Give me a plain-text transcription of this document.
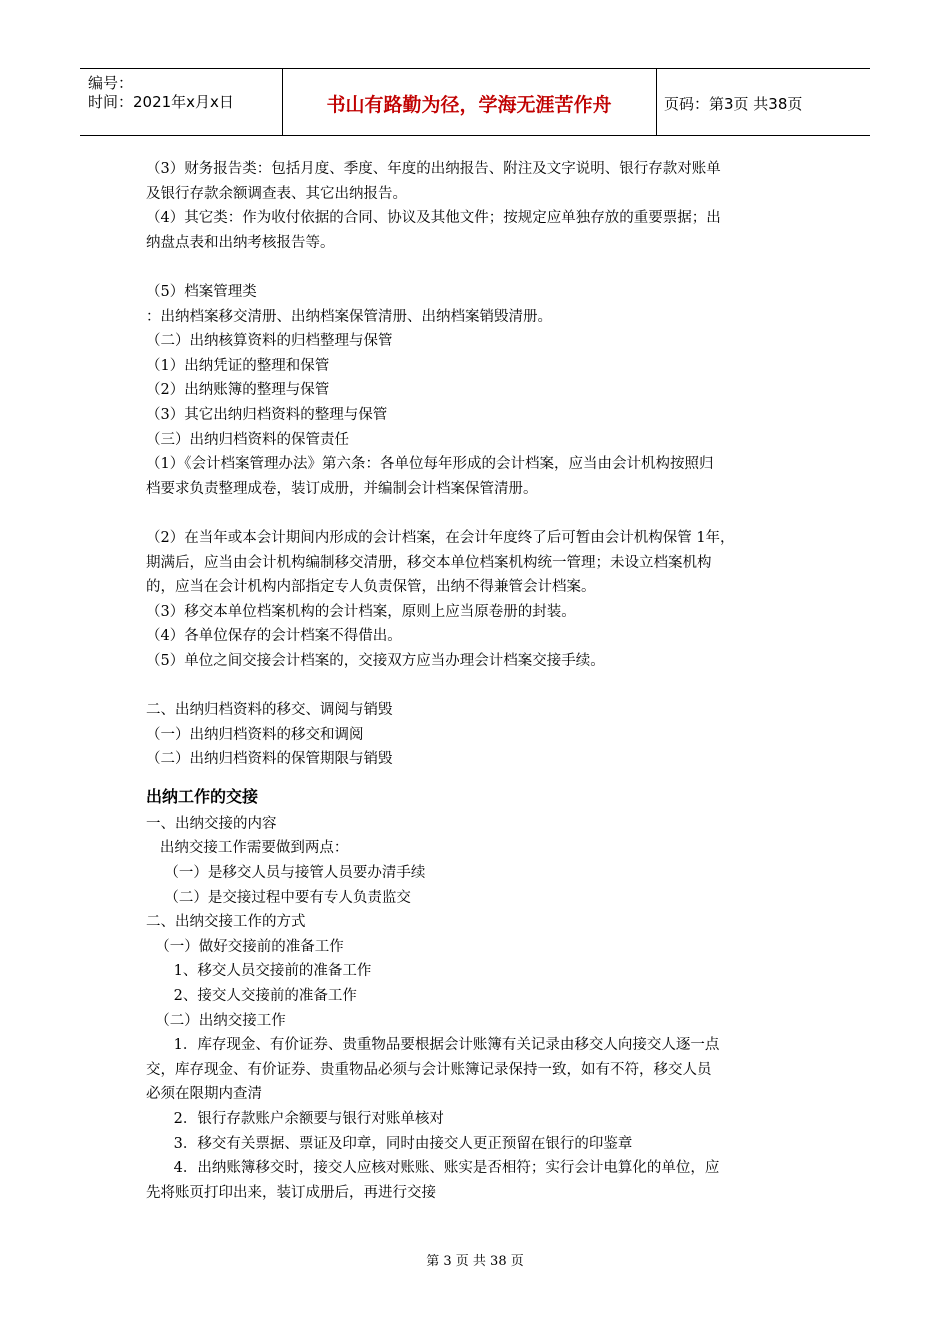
编号：
时间：2021年x月x日	书山有路勤为径，学海无涯苦作舟	页码：第3页 共38页

（3）财务报告类：包括月度、季度、年度的出纳报告、附注及文字说明、银行存款对账单

及银行存款余额调查表、其它出纳报告。

（4）其它类：作为收付依据的合同、协议及其他文件；按规定应单独存放的重要票据；出

纳盘点表和出纳考核报告等。

（5）档案管理类

：出纳档案移交清册、出纳档案保管清册、出纳档案销毁清册。

（二）出纳核算资料的归档整理与保管

（1）出纳凭证的整理和保管

（2）出纳账簿的整理与保管

（3）其它出纳归档资料的整理与保管

（三）出纳归档资料的保管责任

（1）《会计档案管理办法》第六条：各单位每年形成的会计档案，应当由会计机构按照归

档要求负责整理成卷，装订成册，并编制会计档案保管清册。

（2）在当年或本会计期间内形成的会计档案，在会计年度终了后可暂由会计机构保管 1年，

期满后，应当由会计机构编制移交清册，移交本单位档案机构统一管理；未设立档案机构

的，应当在会计机构内部指定专人负责保管，出纳不得兼管会计档案。

（3）移交本单位档案机构的会计档案，原则上应当原卷册的封装。

（4）各单位保存的会计档案不得借出。

（5）单位之间交接会计档案的，交接双方应当办理会计档案交接手续。

二、出纳归档资料的移交、调阅与销毁

（一）出纳归档资料的移交和调阅

（二）出纳归档资料的保管期限与销毁

出纳工作的交接

一、出纳交接的内容

出纳交接工作需要做到两点：

（一）是移交人员与接管人员要办清手续

（二）是交接过程中要有专人负责监交

二、出纳交接工作的方式

（一）做好交接前的准备工作

1、移交人员交接前的准备工作

2、接交人交接前的准备工作

（二）出纳交接工作

1．库存现金、有价证券、贵重物品要根据会计账簿有关记录由移交人向接交人逐一点

交，库存现金、有价证券、贵重物品必须与会计账簿记录保持一致，如有不符，移交人员

必须在限期内查清

2．银行存款账户余额要与银行对账单核对

3．移交有关票据、票证及印章，同时由接交人更正预留在银行的印鉴章

4．出纳账簿移交时，接交人应核对账账、账实是否相符；实行会计电算化的单位，应

先将账页打印出来，装订成册后，再进行交接

第 3 页 共 38 页
